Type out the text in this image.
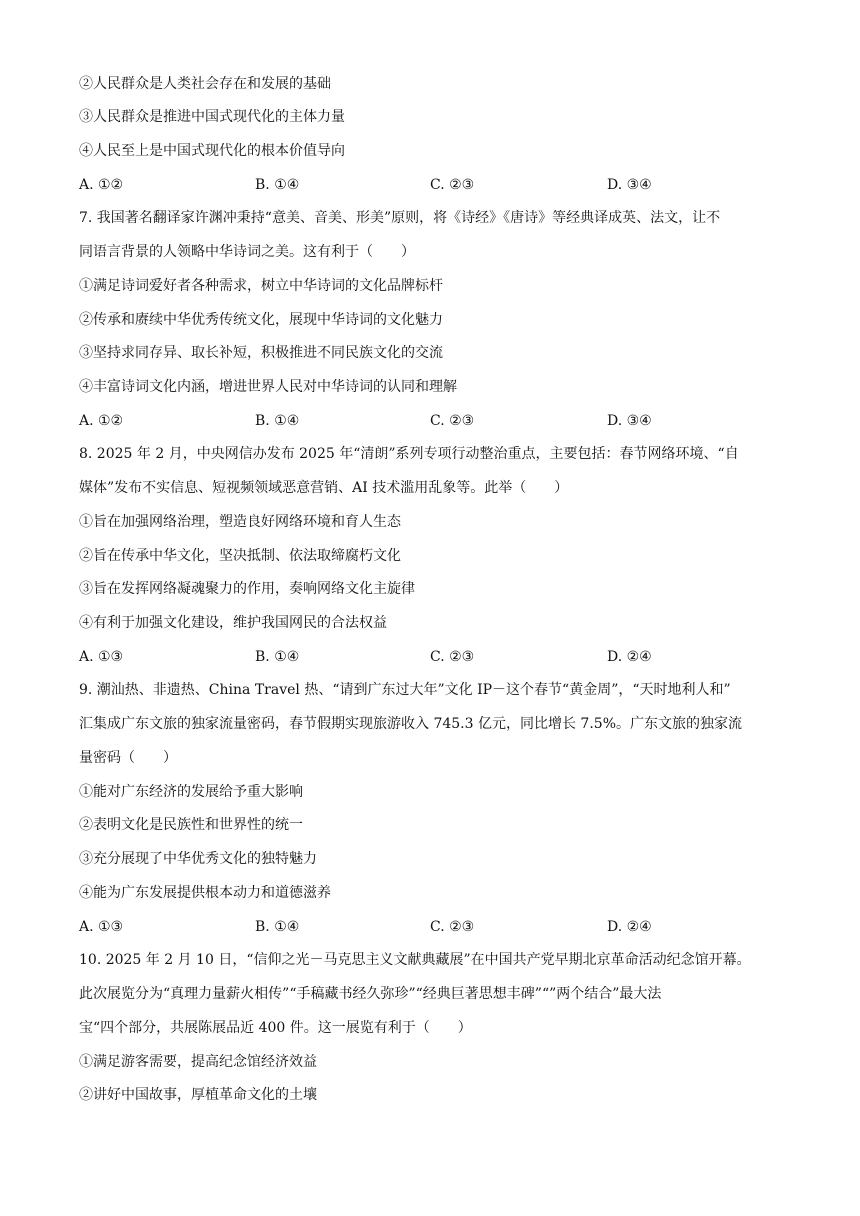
②人民群众是人类社会存在和发展的基础
③人民群众是推进中国式现代化的主体力量
④人民至上是中国式现代化的根本价值导向
A. ①②	B. ①④	C. ②③	D. ③④
7. 我国著名翻译家许渊冲秉持“意美、音美、形美”原则，将《诗经》《唐诗》等经典译成英、法文，让不
同语言背景的人领略中华诗词之美。这有利于（　　）
①满足诗词爱好者各种需求，树立中华诗词的文化品牌标杆
②传承和赓续中华优秀传统文化，展现中华诗词的文化魅力
③坚持求同存异、取长补短，积极推进不同民族文化的交流
④丰富诗词文化内涵，增进世界人民对中华诗词的认同和理解
A. ①②	B. ①④	C. ②③	D. ③④
8. 2025 年 2 月，中央网信办发布 2025 年“清朗”系列专项行动整治重点，主要包括：春节网络环境、“自
媒体”发布不实信息、短视频领域恶意营销、AI 技术滥用乱象等。此举（　　）
①旨在加强网络治理，塑造良好网络环境和育人生态
②旨在传承中华文化，坚决抵制、依法取缔腐朽文化
③旨在发挥网络凝魂聚力的作用，奏响网络文化主旋律
④有利于加强文化建设，维护我国网民的合法权益
A. ①③	B. ①④	C. ②③	D. ②④
9. 潮汕热、非遗热、China Travel 热、“请到广东过大年”文化 IP－这个春节“黄金周”，“天时地利人和”
汇集成广东文旅的独家流量密码，春节假期实现旅游收入 745.3 亿元，同比增长 7.5%。广东文旅的独家流
量密码（　　）
①能对广东经济的发展给予重大影响
②表明文化是民族性和世界性的统一
③充分展现了中华优秀文化的独特魅力
④能为广东发展提供根本动力和道德滋养
A. ①③	B. ①④	C. ②③	D. ②④
10. 2025 年 2 月 10 日，“信仰之光－马克思主义文献典藏展”在中国共产党早期北京革命活动纪念馆开幕。
此次展览分为“真理力量薪火相传”“手稿藏书经久弥珍”“经典巨著思想丰碑”“”两个结合”最大法
宝“四个部分，共展陈展品近 400 件。这一展览有利于（　　）
①满足游客需要，提高纪念馆经济效益
②讲好中国故事，厚植革命文化的土壤
